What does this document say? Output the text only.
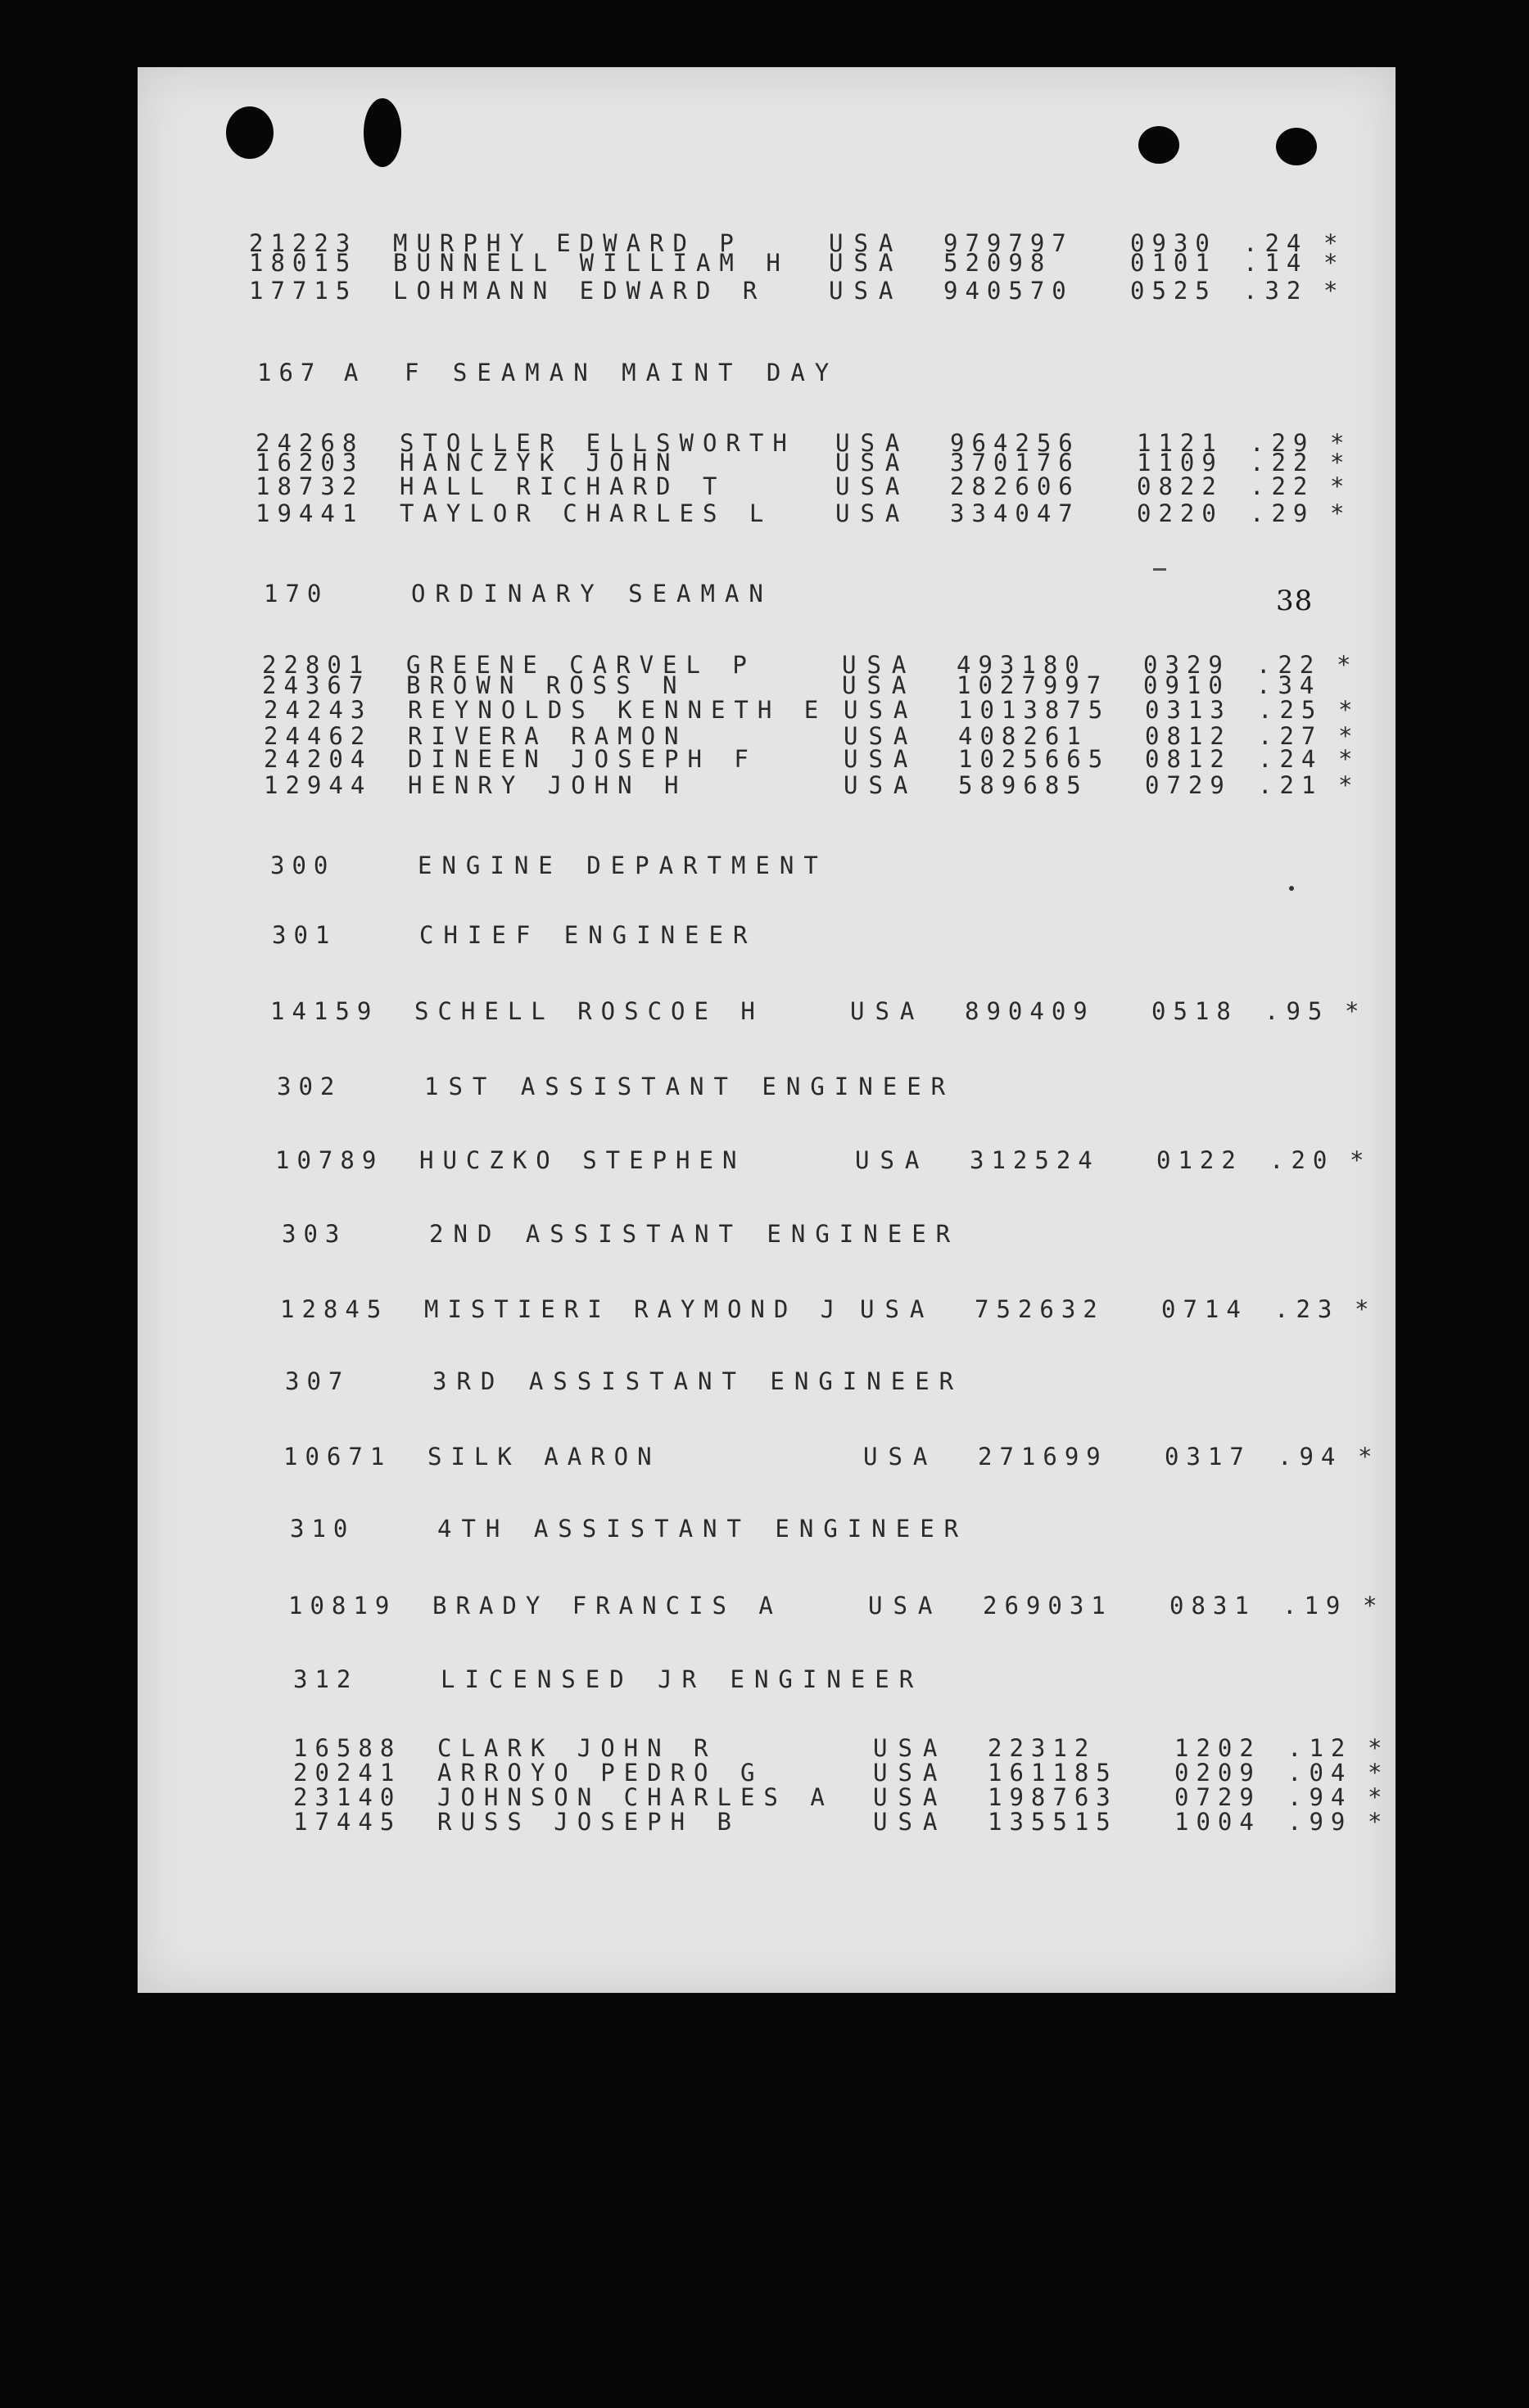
38
21223 MURPHY EDWARD P	USA 979797 0930 .24 *
18015 BUNNELL WILLIAM H USA 52098	0101 .14 *
17715 LOHMANN EDWARD R	USA 940570 0525 .32 *
167 A F SEAMAN MAINT DAY
24268 STOLLER ELLSWORTH USA 964256 1121 .29 *
16203 HANCZYK JOHN	USA 370176 1109 .22 *
18732 HALL RICHARD T	USA 282606 0822 .22 *
19441 TAYLOR CHARLES L	USA 334047 0220 .29 *
170	ORDINARY SEAMAN
22801 GREENE CARVEL P	USA 493180 0329 .22 *
24367 BROWN ROSS N	USA 1027997 0910 .34
24243 REYNOLDS KENNETH E USA 1013875 0313 .25 *
24462 RIVERA RAMON	USA 408261 0812 .27 *
24204 DINEEN JOSEPH F	USA 1025665 0812 .24 *
12944 HENRY JOHN H	USA 589685 0729 .21 *
300	ENGINE DEPARTMENT
301	CHIEF ENGINEER
14159 SCHELL ROSCOE H	USA 890409 0518 .95 *
302	1ST ASSISTANT ENGINEER
10789 HUCZKO STEPHEN	USA 312524 0122 .20 *
303	2ND ASSISTANT ENGINEER
12845 MISTIERI RAYMOND J USA 752632 0714 .23 *
307	3RD ASSISTANT ENGINEER
10671 SILK AARON	USA 271699 0317 .94 *
310	4TH ASSISTANT ENGINEER
10819 BRADY FRANCIS A	USA 269031 0831 .19 *
312	LICENSED JR ENGINEER
16588 CLARK JOHN R	USA 22312	1202 .12 *
20241 ARROYO PEDRO G	USA 161185 0209 .04 *
23140 JOHNSON CHARLES A USA 198763 0729 .94 *
17445 RUSS JOSEPH B	USA 135515 1004 .99 *
